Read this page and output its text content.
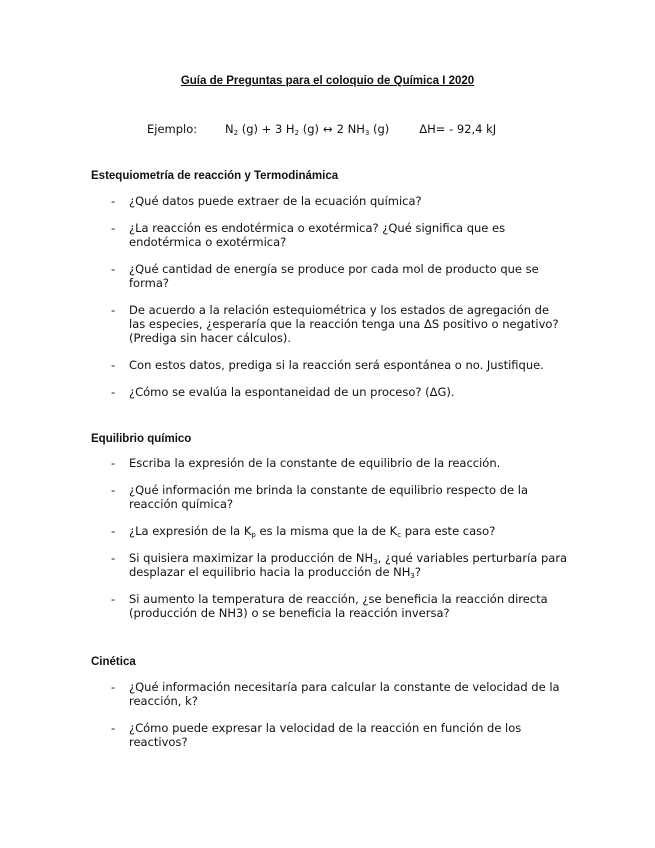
Guía de Preguntas para el coloquio de Química I 2020
Ejemplo: $N_2$ (g) + 3 $H_2$ (g) ↔ 2 $NH_3$ (g)	ΔH= - 92,4 kJ
Estequiometría de reacción y Termodinámica
- ¿Qué datos puede extraer de la ecuación química?
- ¿La reacción es endotérmica o exotérmica? ¿Qué significa que es endotérmica o exotérmica?
- ¿Qué cantidad de energía se produce por cada mol de producto que se forma?
- De acuerdo a la relación estequiométrica y los estados de agregación de las especies, ¿esperaría que la reacción tenga una ΔS positivo o negativo? (Prediga sin hacer cálculos).
- Con estos datos, prediga si la reacción será espontánea o no. Justifique.
- ¿Cómo se evalúa la espontaneidad de un proceso? (ΔG).
Equilibrio químico
- Escriba la expresión de la constante de equilibrio de la reacción.
- ¿Qué información me brinda la constante de equilibrio respecto de la reacción química?
- ¿La expresión de la $K_p$ es la misma que la de $K_c$ para este caso?
- Si quisiera maximizar la producción de $NH_3$, ¿qué variables perturbaría para desplazar el equilibrio hacia la producción de $NH_3$?
- Si aumento la temperatura de reacción, ¿se beneficia la reacción directa (producción de NH3) o se beneficia la reacción inversa?
Cinética
- ¿Qué información necesitaría para calcular la constante de velocidad de la reacción, k?
- ¿Cómo puede expresar la velocidad de la reacción en función de los reactivos?
